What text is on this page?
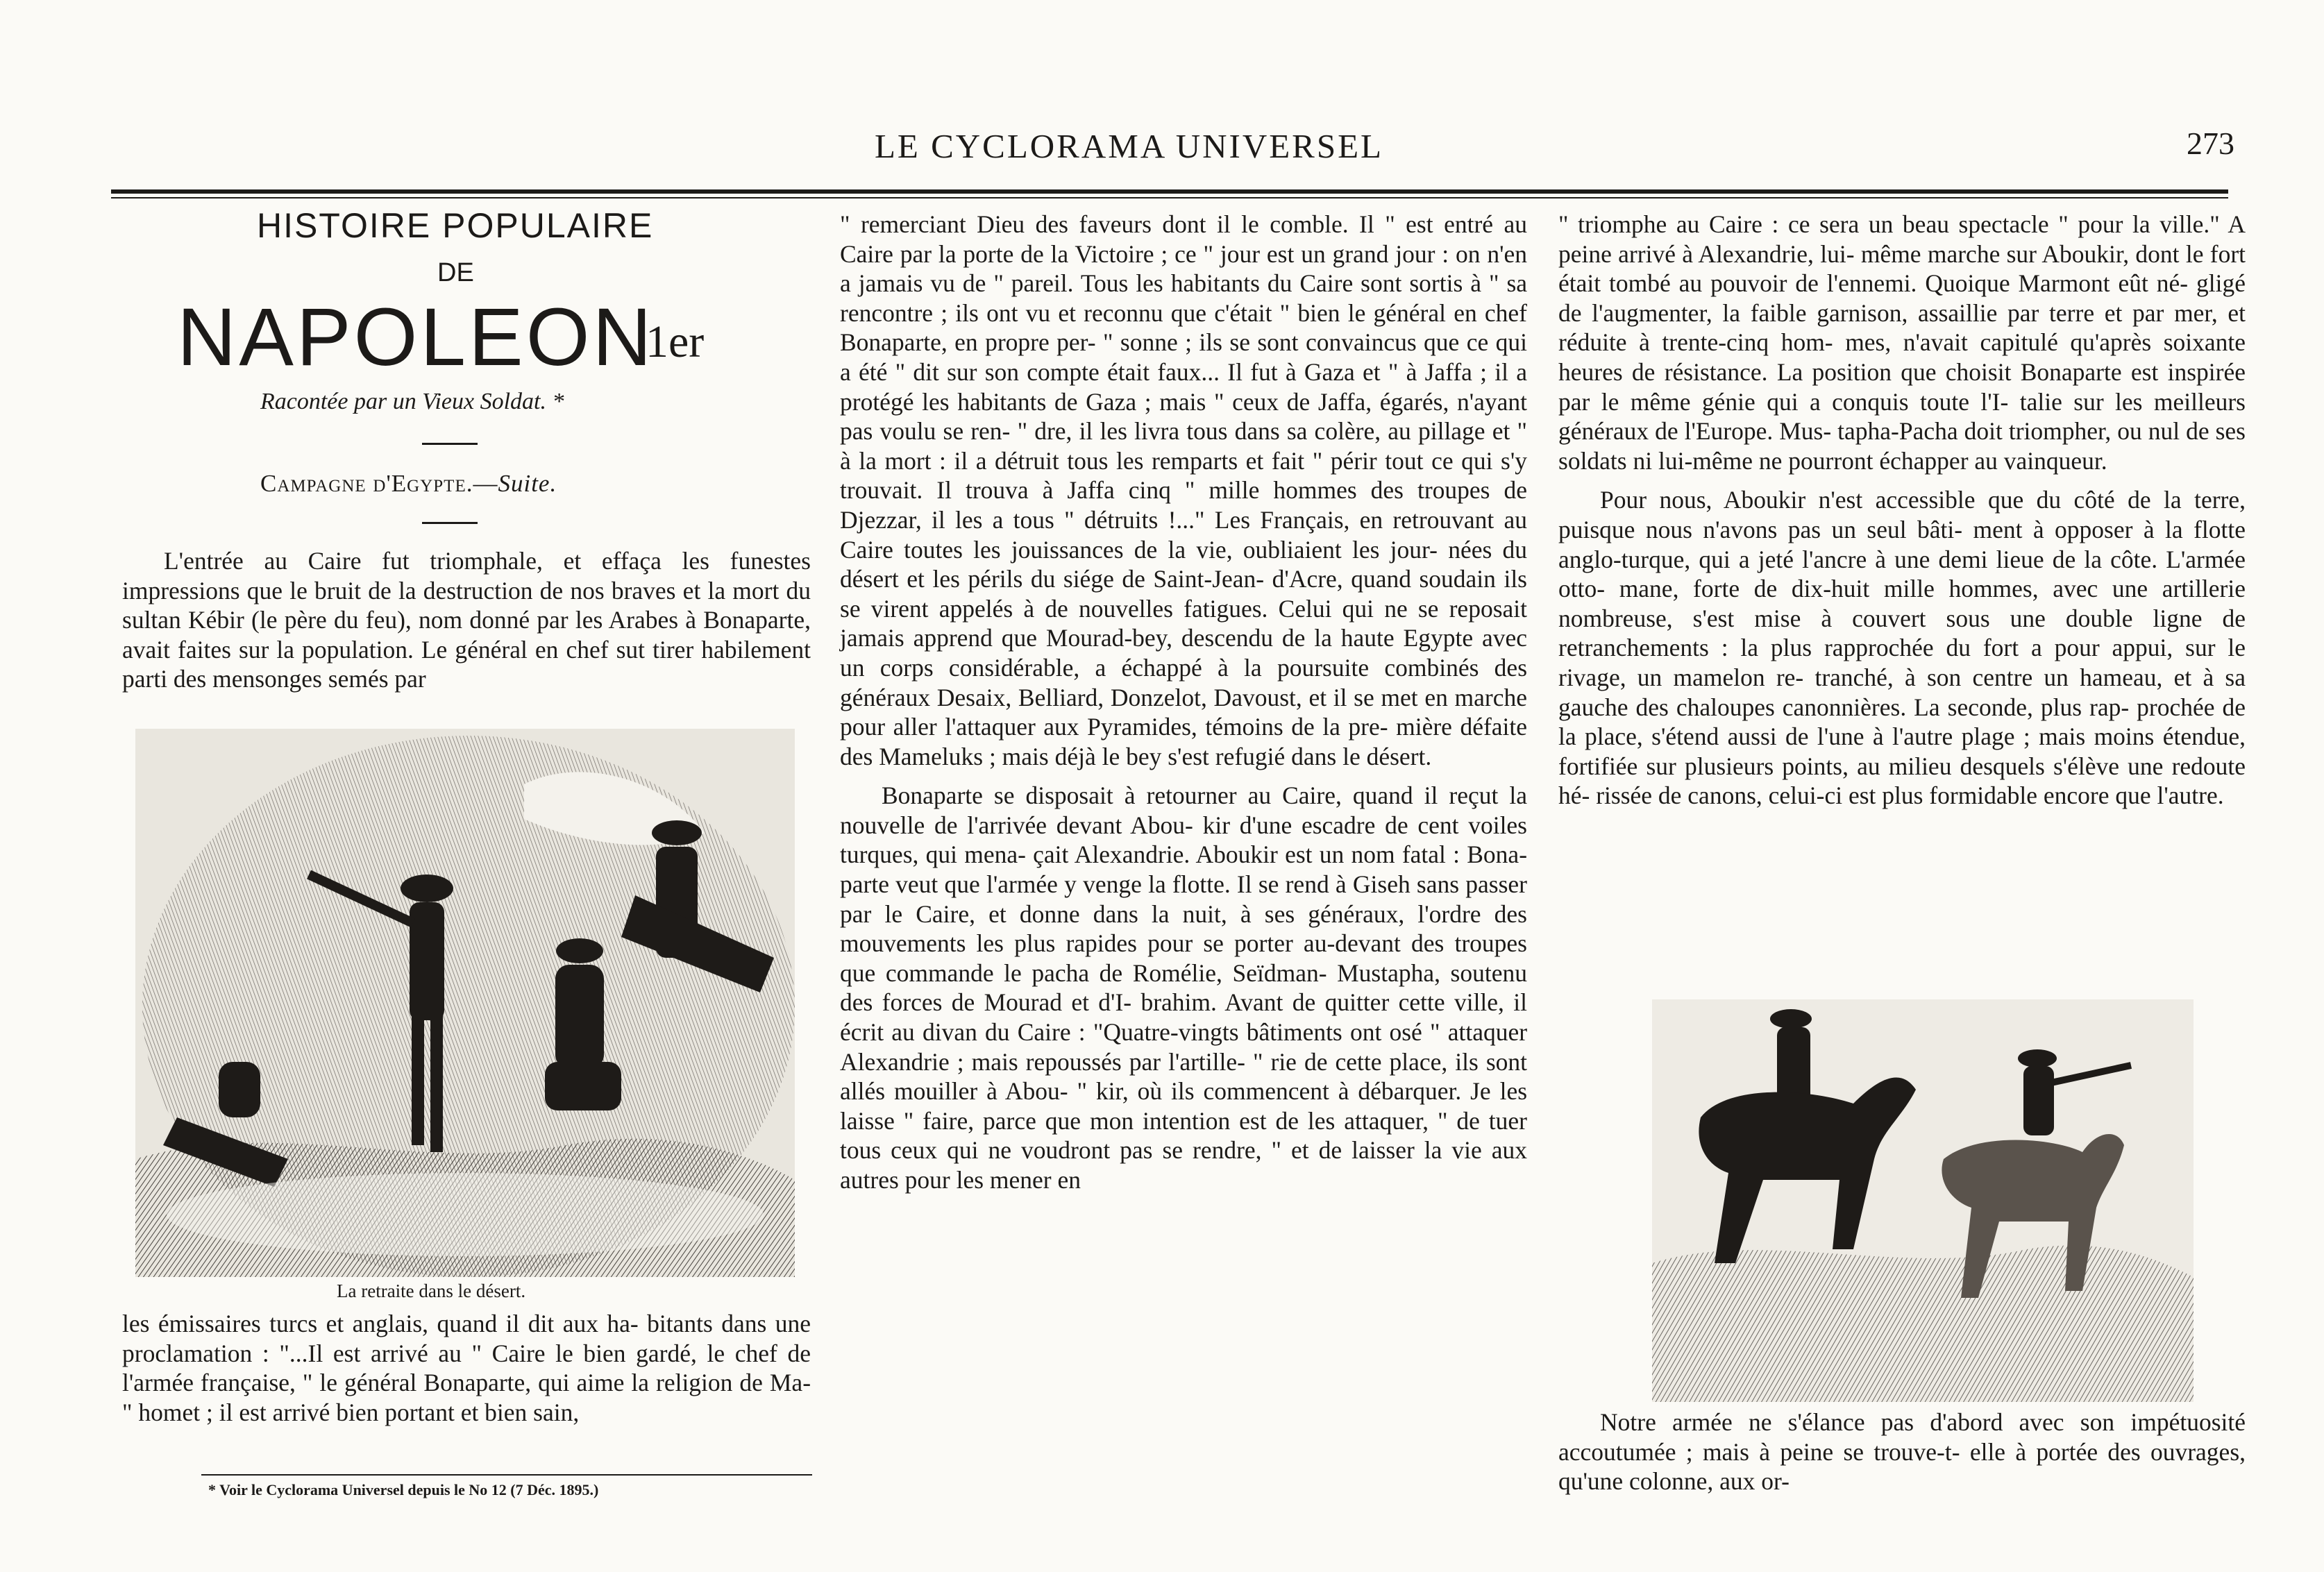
LE CYCLORAMA UNIVERSEL	273
HISTOIRE POPULAIRE
DE
NAPOLEON
1er
Racontée par un Vieux Soldat. *
Campagne d'Egypte.—Suite.

L'entrée au Caire fut triomphale, et effaça les funestes impressions que le bruit de la destruction de nos braves et la mort du sultan Kébir (le père du feu), nom donné par les Arabes à Bonaparte, avait faites sur la population. Le général en chef sut tirer habilement parti des mensonges semés par

La retraite dans le désert.

les émissaires turcs et anglais, quand il dit aux ha- bitants dans une proclamation : "...Il est arrivé au " Caire le bien gardé, le chef de l'armée française, " le général Bonaparte, qui aime la religion de Ma- " homet ; il est arrivé bien portant et bien sain,

* Voir le Cyclorama Universel depuis le No 12 (7 Déc. 1895.)

" remerciant Dieu des faveurs dont il le comble. Il " est entré au Caire par la porte de la Victoire ; ce " jour est un grand jour : on n'en a jamais vu de " pareil. Tous les habitants du Caire sont sortis à " sa rencontre ; ils ont vu et reconnu que c'était " bien le général en chef Bonaparte, en propre per- " sonne ; ils se sont convaincus que ce qui a été " dit sur son compte était faux... Il fut à Gaza et " à Jaffa ; il a protégé les habitants de Gaza ; mais " ceux de Jaffa, égarés, n'ayant pas voulu se ren- " dre, il les livra tous dans sa colère, au pillage et " à la mort : il a détruit tous les remparts et fait " périr tout ce qui s'y trouvait. Il trouva à Jaffa cinq " mille hommes des troupes de Djezzar, il les a tous " détruits !..." Les Français, en retrouvant au Caire toutes les jouissances de la vie, oubliaient les jour- nées du désert et les périls du siége de Saint-Jean- d'Acre, quand soudain ils se virent appelés à de nouvelles fatigues. Celui qui ne se reposait jamais apprend que Mourad-bey, descendu de la haute Egypte avec un corps considérable, a échappé à la poursuite combinés des généraux Desaix, Belliard, Donzelot, Davoust, et il se met en marche pour aller l'attaquer aux Pyramides, témoins de la pre- mière défaite des Mameluks ; mais déjà le bey s'est refugié dans le désert.

Bonaparte se disposait à retourner au Caire, quand il reçut la nouvelle de l'arrivée devant Abou- kir d'une escadre de cent voiles turques, qui mena- çait Alexandrie. Aboukir est un nom fatal : Bona- parte veut que l'armée y venge la flotte. Il se rend à Giseh sans passer par le Caire, et donne dans la nuit, à ses généraux, l'ordre des mouvements les plus rapides pour se porter au-devant des troupes que commande le pacha de Romélie, Seïdman- Mustapha, soutenu des forces de Mourad et d'I- brahim. Avant de quitter cette ville, il écrit au divan du Caire : "Quatre-vingts bâtiments ont osé " attaquer Alexandrie ; mais repoussés par l'artille- " rie de cette place, ils sont allés mouiller à Abou- " kir, où ils commencent à débarquer. Je les laisse " faire, parce que mon intention est de les attaquer, " de tuer tous ceux qui ne voudront pas se rendre, " et de laisser la vie aux autres pour les mener en

" triomphe au Caire : ce sera un beau spectacle " pour la ville." A peine arrivé à Alexandrie, lui- même marche sur Aboukir, dont le fort était tombé au pouvoir de l'ennemi. Quoique Marmont eût né- gligé de l'augmenter, la faible garnison, assaillie par terre et par mer, et réduite à trente-cinq hom- mes, n'avait capitulé qu'après soixante heures de résistance. La position que choisit Bonaparte est inspirée par le même génie qui a conquis toute l'I- talie sur les meilleurs généraux de l'Europe. Mus- tapha-Pacha doit triompher, ou nul de ses soldats ni lui-même ne pourront échapper au vainqueur.

Pour nous, Aboukir n'est accessible que du côté de la terre, puisque nous n'avons pas un seul bâti- ment à opposer à la flotte anglo-turque, qui a jeté l'ancre à une demi lieue de la côte. L'armée otto- mane, forte de dix-huit mille hommes, avec une artillerie nombreuse, s'est mise à couvert sous une double ligne de retranchements : la plus rapprochée du fort a pour appui, sur le rivage, un mamelon re- tranché, à son centre un hameau, et à sa gauche des chaloupes canonnières. La seconde, plus rap- prochée de la place, s'étend aussi de l'une à l'autre plage ; mais moins étendue, fortifiée sur plusieurs points, au milieu desquels s'élève une redoute hé- rissée de canons, celui-ci est plus formidable encore que l'autre.

Notre armée ne s'élance pas d'abord avec son impétuosité accoutumée ; mais à peine se trouve-t- elle à portée des ouvrages, qu'une colonne, aux or-
